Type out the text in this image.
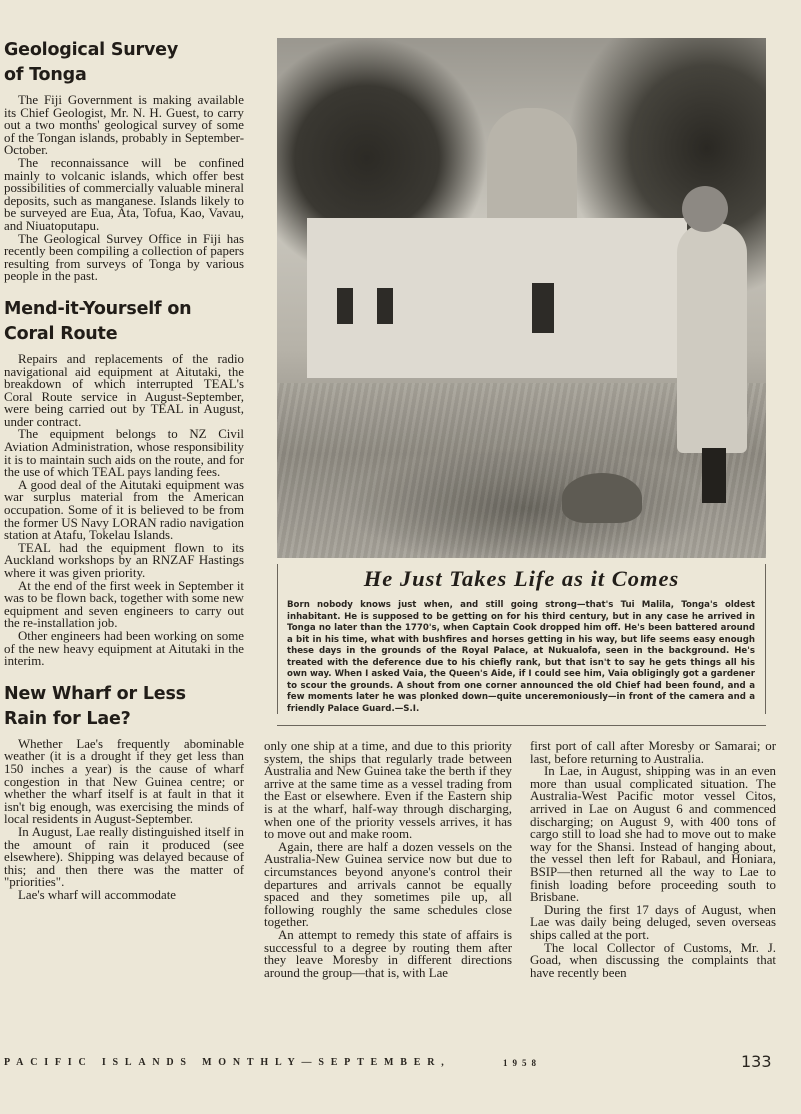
Geological Survey
of Tonga

The Fiji Government is making available its Chief Geologist, Mr. N. H. Guest, to carry out a two months' geological survey of some of the Tongan islands, probably in September-October.

The reconnaissance will be confined mainly to volcanic islands, which offer best possibilities of commercially valuable mineral deposits, such as manganese. Islands likely to be surveyed are Eua, Ata, Tofua, Kao, Vavau, and Niuatoputapu.

The Geological Survey Office in Fiji has recently been compiling a collection of papers resulting from surveys of Tonga by various people in the past.

Mend-it-Yourself on
Coral Route

Repairs and replacements of the radio navigational aid equipment at Aitutaki, the breakdown of which interrupted TEAL's Coral Route service in August-September, were being carried out by TEAL in August, under contract.

The equipment belongs to NZ Civil Aviation Administration, whose responsibility it is to maintain such aids on the route, and for the use of which TEAL pays landing fees.

A good deal of the Aitutaki equipment was war surplus material from the American occupation. Some of it is believed to be from the former US Navy LORAN radio navigation station at Atafu, Tokelau Islands.

TEAL had the equipment flown to its Auckland workshops by an RNZAF Hastings where it was given priority.

At the end of the first week in September it was to be flown back, together with some new equipment and seven engineers to carry out the re-installation job.

Other engineers had been working on some of the new heavy equipment at Aitutaki in the interim.

New Wharf or Less
Rain for Lae?

Whether Lae's frequently abominable weather (it is a drought if they get less than 150 inches a year) is the cause of wharf congestion in that New Guinea centre; or whether the wharf itself is at fault in that it isn't big enough, was exercising the minds of local residents in August-September.

In August, Lae really distinguished itself in the amount of rain it produced (see elsewhere). Shipping was delayed because of this; and then there was the matter of "priorities".

Lae's wharf will accommodate

He Just Takes Life as it Comes
Born nobody knows just when, and still going strong—that's Tui Malila, Tonga's oldest inhabitant. He is supposed to be getting on for his third century, but in any case he arrived in Tonga no later than the 1770's, when Captain Cook dropped him off. He's been battered around a bit in his time, what with bushfires and horses getting in his way, but life seems easy enough these days in the grounds of the Royal Palace, at Nukualofa, seen in the background. He's treated with the deference due to his chiefly rank, but that isn't to say he gets things all his own way. When I asked Vaia, the Queen's Aide, if I could see him, Vaia obligingly got a gardener to scour the grounds. A shout from one corner announced the old Chief had been found, and a few moments later he was plonked down—quite unceremoniously—in front of the camera and a friendly Palace Guard.—S.I.

only one ship at a time, and due to this priority system, the ships that regularly trade between Australia and New Guinea take the berth if they arrive at the same time as a vessel trading from the East or elsewhere. Even if the Eastern ship is at the wharf, half-way through discharging, when one of the priority vessels arrives, it has to move out and make room.

Again, there are half a dozen vessels on the Australia-New Guinea service now but due to circumstances beyond anyone's control their departures and arrivals cannot be equally spaced and they sometimes pile up, all following roughly the same schedules close together.

An attempt to remedy this state of affairs is successful to a degree by routing them after they leave Moresby in different directions around the group—that is, with Lae

first port of call after Moresby or Samarai; or last, before returning to Australia.

In Lae, in August, shipping was in an even more than usual complicated situation. The Australia-West Pacific motor vessel Citos, arrived in Lae on August 6 and commenced discharging; on August 9, with 400 tons of cargo still to load she had to move out to make way for the Shansi. Instead of hanging about, the vessel then left for Rabaul, and Honiara, BSIP—then returned all the way to Lae to finish loading before proceeding south to Brisbane.

During the first 17 days of August, when Lae was daily being deluged, seven overseas ships called at the port.

The local Collector of Customs, Mr. J. Goad, when discussing the complaints that have recently been

PACIFIC ISLANDS MONTHLY—SEPTEMBER,	1958	133
